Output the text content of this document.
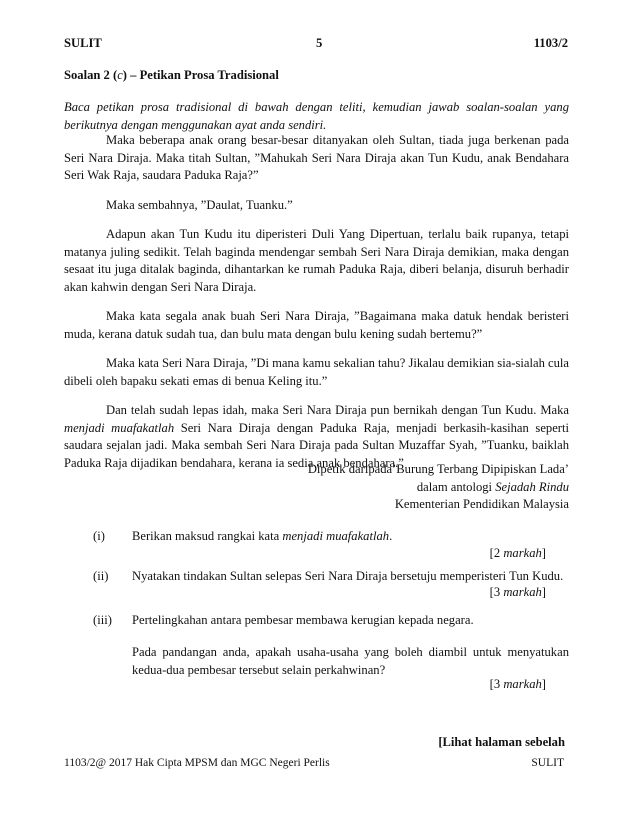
SULIT	5	1103/2
Soalan 2 (c) – Petikan Prosa Tradisional
Baca petikan prosa tradisional di bawah dengan teliti, kemudian jawab soalan-soalan yang berikutnya dengan menggunakan ayat anda sendiri.

Maka beberapa anak orang besar-besar ditanyakan oleh Sultan, tiada juga berkenan pada Seri Nara Diraja. Maka titah Sultan, ”Mahukah Seri Nara Diraja akan Tun Kudu, anak Bendahara Seri Wak Raja, saudara Paduka Raja?”

Maka sembahnya, ”Daulat, Tuanku.”

Adapun akan Tun Kudu itu diperisteri Duli Yang Dipertuan, terlalu baik rupanya, tetapi matanya juling sedikit. Telah baginda mendengar sembah Seri Nara Diraja demikian, maka dengan sesaat itu juga ditalak baginda, dihantarkan ke rumah Paduka Raja, diberi belanja, disuruh berhadir akan kahwin dengan Seri Nara Diraja.

Maka kata segala anak buah Seri Nara Diraja, ”Bagaimana maka datuk hendak beristeri muda, kerana datuk sudah tua, dan bulu mata dengan bulu kening sudah bertemu?”

Maka kata Seri Nara Diraja, ”Di mana kamu sekalian tahu? Jikalau demikian sia-sialah cula dibeli oleh bapaku sekati emas di benua Keling itu.”

Dan telah sudah lepas idah, maka Seri Nara Diraja pun bernikah dengan Tun Kudu. Maka menjadi muafakatlah Seri Nara Diraja dengan Paduka Raja, menjadi berkasih-kasihan seperti saudara sejalan jadi. Maka sembah Seri Nara Diraja pada Sultan Muzaffar Syah, ”Tuanku, baiklah Paduka Raja dijadikan bendahara, kerana ia sedia anak bendahara.”

Dipetik daripada’Burung Terbang Dipipiskan Lada’
dalam antologi Sejadah Rindu
Kementerian Pendidikan Malaysia
(i) Berikan maksud rangkai kata menjadi muafakatlah.
[2 markah]
(ii) Nyatakan tindakan Sultan selepas Seri Nara Diraja bersetuju memperisteri Tun Kudu.
[3 markah]
(iii) Pertelingkahan antara pembesar membawa kerugian kepada negara.
Pada pandangan anda, apakah usaha-usaha yang boleh diambil untuk menyatukan kedua-dua pembesar tersebut selain perkahwinan?
[3 markah]
[Lihat halaman sebelah
1103/2@ 2017 Hak Cipta MPSM dan MGC Negeri Perlis	SULIT
